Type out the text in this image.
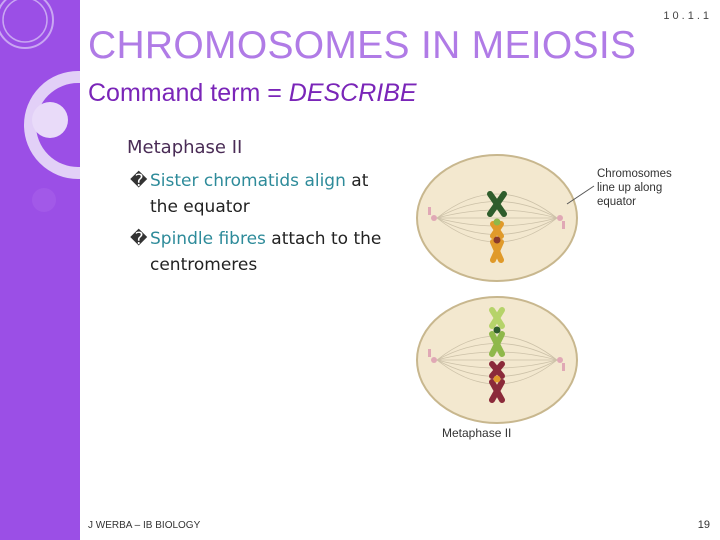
10.1.1
CHROMOSOMES IN MEIOSIS
Command term = DESCRIBE
Metaphase II
� Sister chromatids align at the equator
� Spindle fibres attach to the centromeres
Chromosomes line up along equator
Metaphase II
J WERBA – IB BIOLOGY	19
